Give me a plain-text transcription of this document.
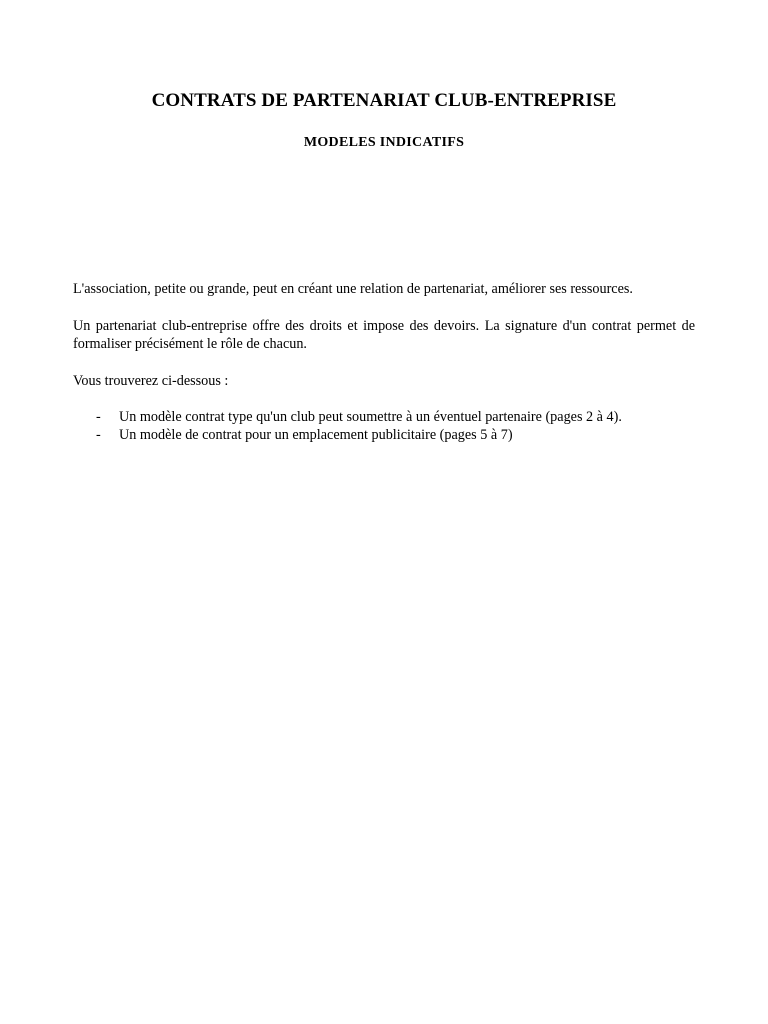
CONTRATS DE PARTENARIAT CLUB-ENTREPRISE
MODELES INDICATIFS

L'association, petite ou grande, peut en créant une relation de partenariat, améliorer ses ressources.

Un partenariat club-entreprise offre des droits et impose des devoirs. La signature d'un contrat permet de formaliser précisément le rôle de chacun.

Vous trouverez ci-dessous :

- Un modèle contrat type qu'un club peut soumettre à un éventuel partenaire (pages 2 à 4).
- Un modèle de contrat pour un emplacement publicitaire (pages 5 à 7)
